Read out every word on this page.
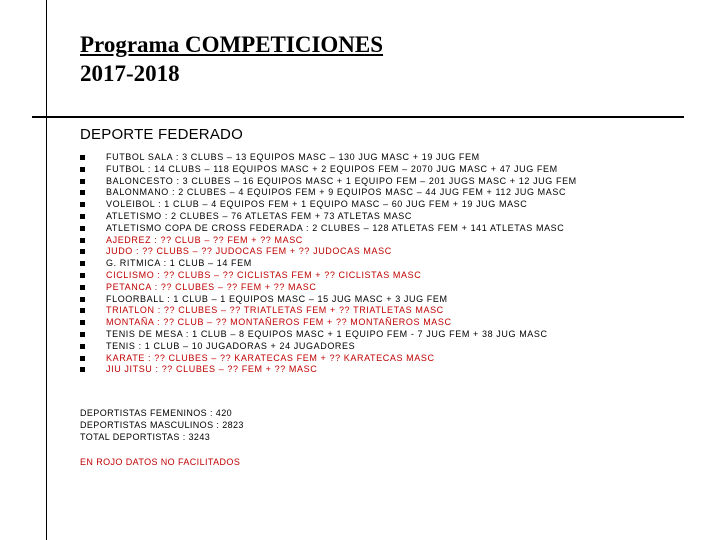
Programa COMPETICIONES
2017-2018
DEPORTE FEDERADO
FUTBOL SALA : 3 CLUBS – 13 EQUIPOS MASC – 130 JUG MASC + 19 JUG FEM
FUTBOL : 14 CLUBS – 118 EQUIPOS MASC + 2 EQUIPOS FEM – 2070 JUG MASC + 47 JUG FEM
BALONCESTO : 3 CLUBES – 16 EQUIPOS MASC + 1 EQUIPO FEM – 201 JUGS MASC + 12 JUG FEM
BALONMANO : 2 CLUBES – 4 EQUIPOS FEM + 9 EQUIPOS MASC – 44 JUG FEM + 112 JUG MASC
VOLEIBOL : 1 CLUB – 4 EQUIPOS FEM + 1 EQUIPO MASC – 60 JUG FEM + 19 JUG MASC
ATLETISMO : 2 CLUBES – 76 ATLETAS FEM + 73 ATLETAS MASC
ATLETISMO COPA DE CROSS FEDERADA : 2 CLUBES – 128 ATLETAS FEM + 141 ATLETAS MASC
AJEDREZ : ?? CLUB – ?? FEM + ?? MASC
JUDO : ?? CLUBS – ?? JUDOCAS FEM + ?? JUDOCAS MASC
G. RITMICA : 1 CLUB – 14 FEM
CICLISMO : ?? CLUBS – ?? CICLISTAS FEM + ?? CICLISTAS MASC
PETANCA : ?? CLUBES – ?? FEM + ?? MASC
FLOORBALL : 1 CLUB – 1 EQUIPOS MASC – 15 JUG MASC + 3 JUG FEM
TRIATLON : ?? CLUBES – ?? TRIATLETAS FEM + ?? TRIATLETAS MASC
MONTAÑA : ?? CLUB – ?? MONTAÑEROS FEM + ?? MONTAÑEROS MASC
TENIS DE MESA : 1 CLUB – 8 EQUIPOS MASC + 1 EQUIPO FEM - 7 JUG FEM + 38 JUG MASC
TENIS : 1 CLUB – 10 JUGADORAS + 24 JUGADORES
KARATE : ?? CLUBES – ?? KARATECAS FEM + ?? KARATECAS MASC
JIU JITSU : ?? CLUBES – ?? FEM + ?? MASC
DEPORTISTAS FEMENINOS : 420
DEPORTISTAS MASCULINOS : 2823
TOTAL DEPORTISTAS : 3243
EN ROJO DATOS NO FACILITADOS
